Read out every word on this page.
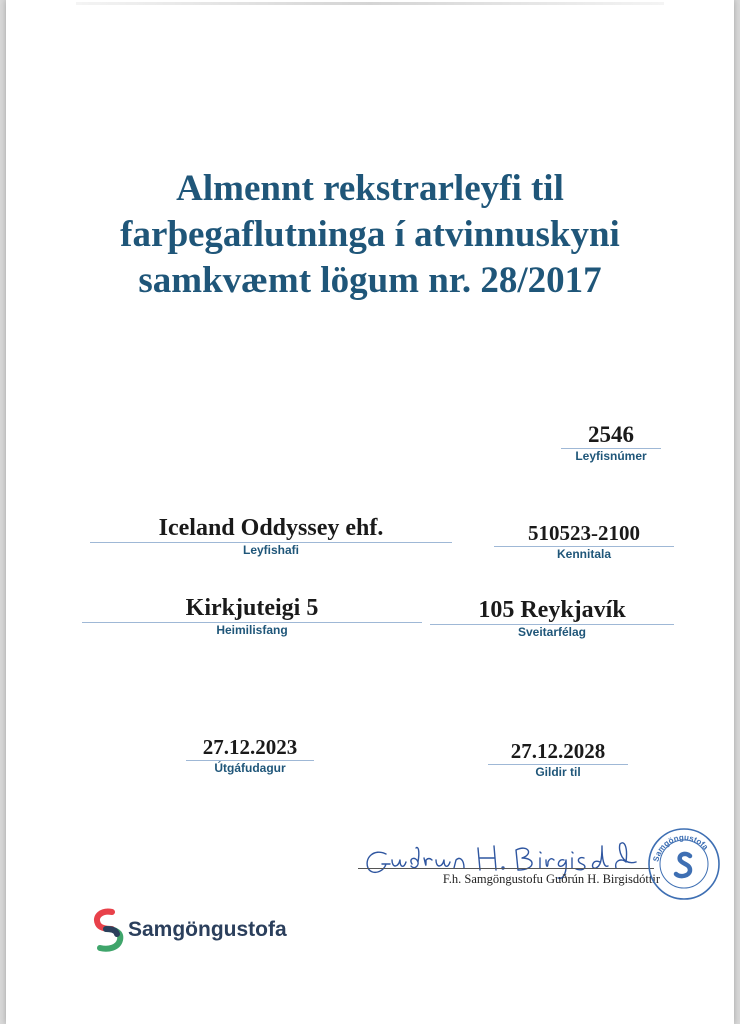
Almennt rekstrarleyfi til
farþegaflutninga í atvinnuskyni
samkvæmt lögum nr. 28/2017
2546
Leyfisnúmer
Iceland Oddyssey ehf.
Leyfishafi
510523-2100
Kennitala
Kirkjuteigi 5
Heimilisfang
105 Reykjavík
Sveitarfélag
27.12.2023
Útgáfudagur
27.12.2028
Gildir til
F.h. Samgöngustofu Guðrún H. Birgisdóttir
Samgöngustofa
Samgöngustofa
